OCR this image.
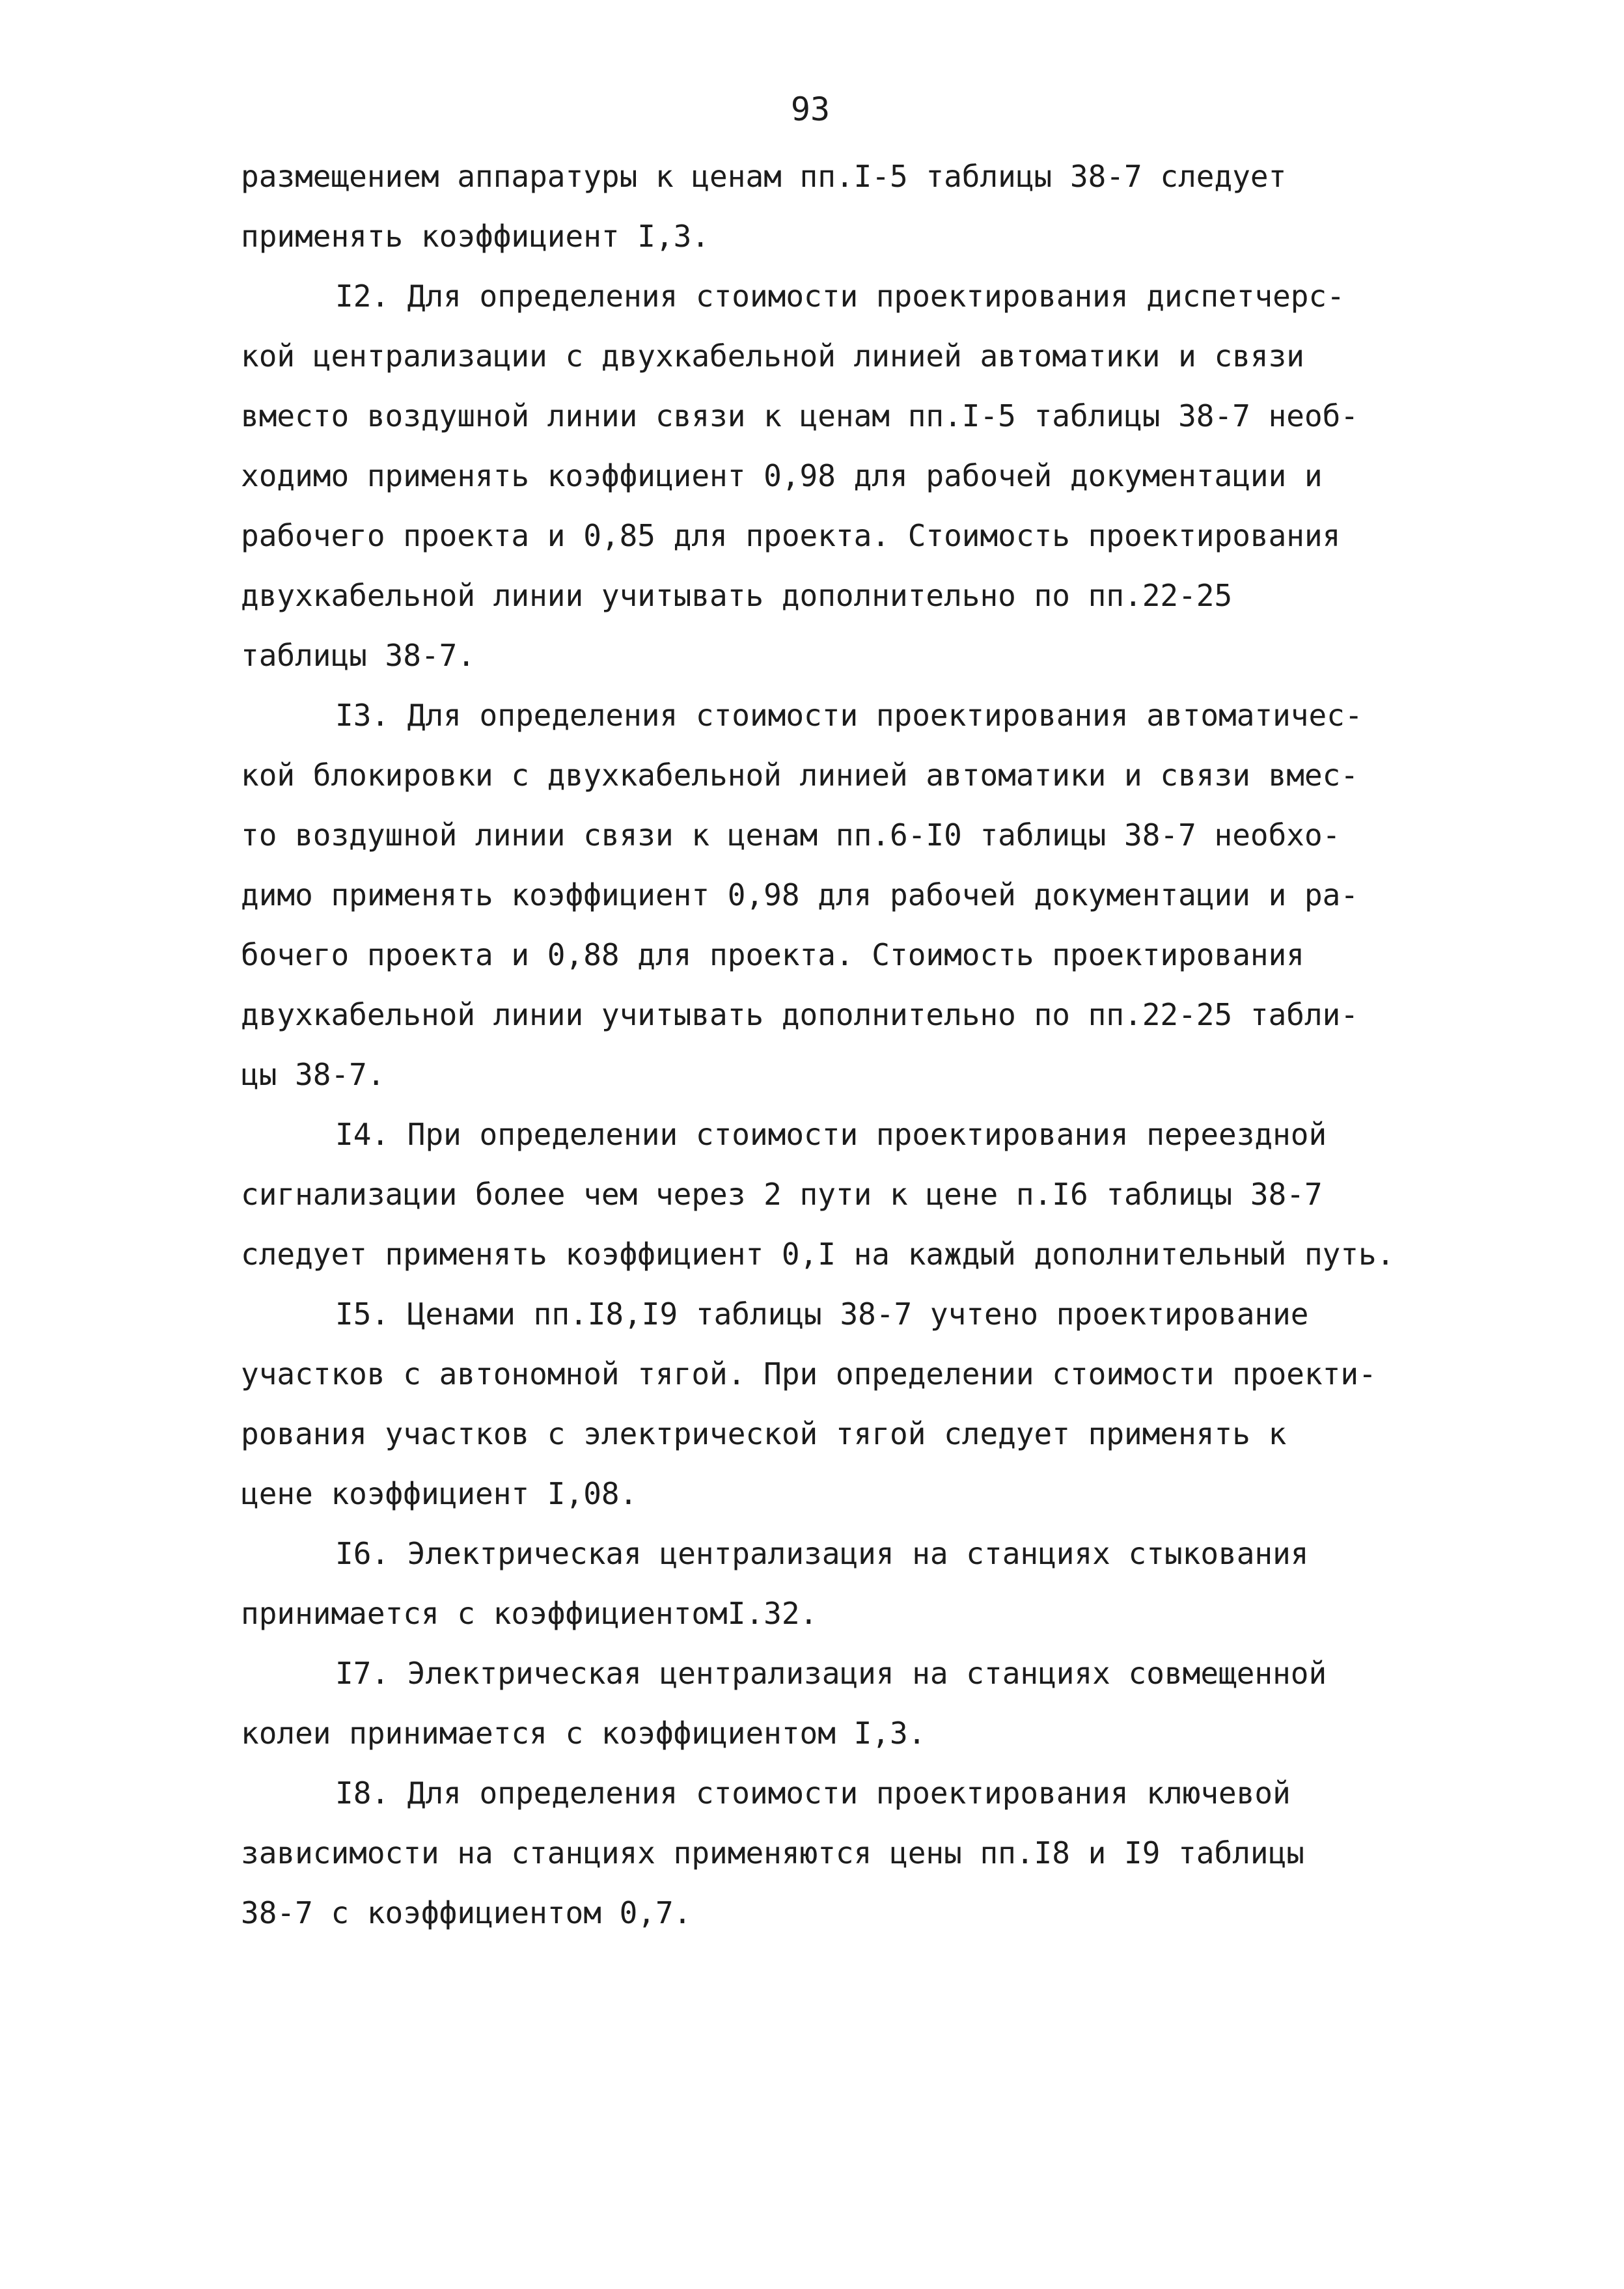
93

размещением аппаратуры к ценам пп.I-5 таблицы 38-7 следует
применять коэффициент I,3.

I2. Для определения стоимости проектирования диспетчерс-
кой централизации с двухкабельной линией автоматики и связи
вместо воздушной линии связи к ценам пп.I-5 таблицы 38-7 необ-
ходимо применять коэффициент 0,98 для рабочей документации и
рабочего проекта и 0,85 для проекта. Стоимость проектирования
двухкабельной линии учитывать дополнительно по пп.22-25
таблицы 38-7.

I3. Для определения стоимости проектирования автоматичес-
кой блокировки с двухкабельной линией автоматики и связи вмес-
то воздушной линии связи к ценам пп.6-I0 таблицы 38-7 необхо-
димо применять коэффициент 0,98 для рабочей документации и ра-
бочего проекта и 0,88 для проекта. Стоимость проектирования
двухкабельной линии учитывать дополнительно по пп.22-25 табли-
цы 38-7.

I4. При определении стоимости проектирования переездной
сигнализации более чем через 2 пути к цене п.I6 таблицы 38-7
следует применять коэффициент 0,I на каждый дополнительный путь.

I5. Ценами пп.I8,I9 таблицы 38-7 учтено проектирование
участков с автономной тягой. При определении стоимости проекти-
рования участков с электрической тягой следует применять к
цене коэффициент I,08.

I6. Электрическая централизация на станциях стыкования
принимается с коэффициентомI.32.

I7. Электрическая централизация на станциях совмещенной
колеи принимается с коэффициентом I,3.

I8. Для определения стоимости проектирования ключевой
зависимости на станциях применяются цены пп.I8 и I9 таблицы
38-7 с коэффициентом 0,7.
